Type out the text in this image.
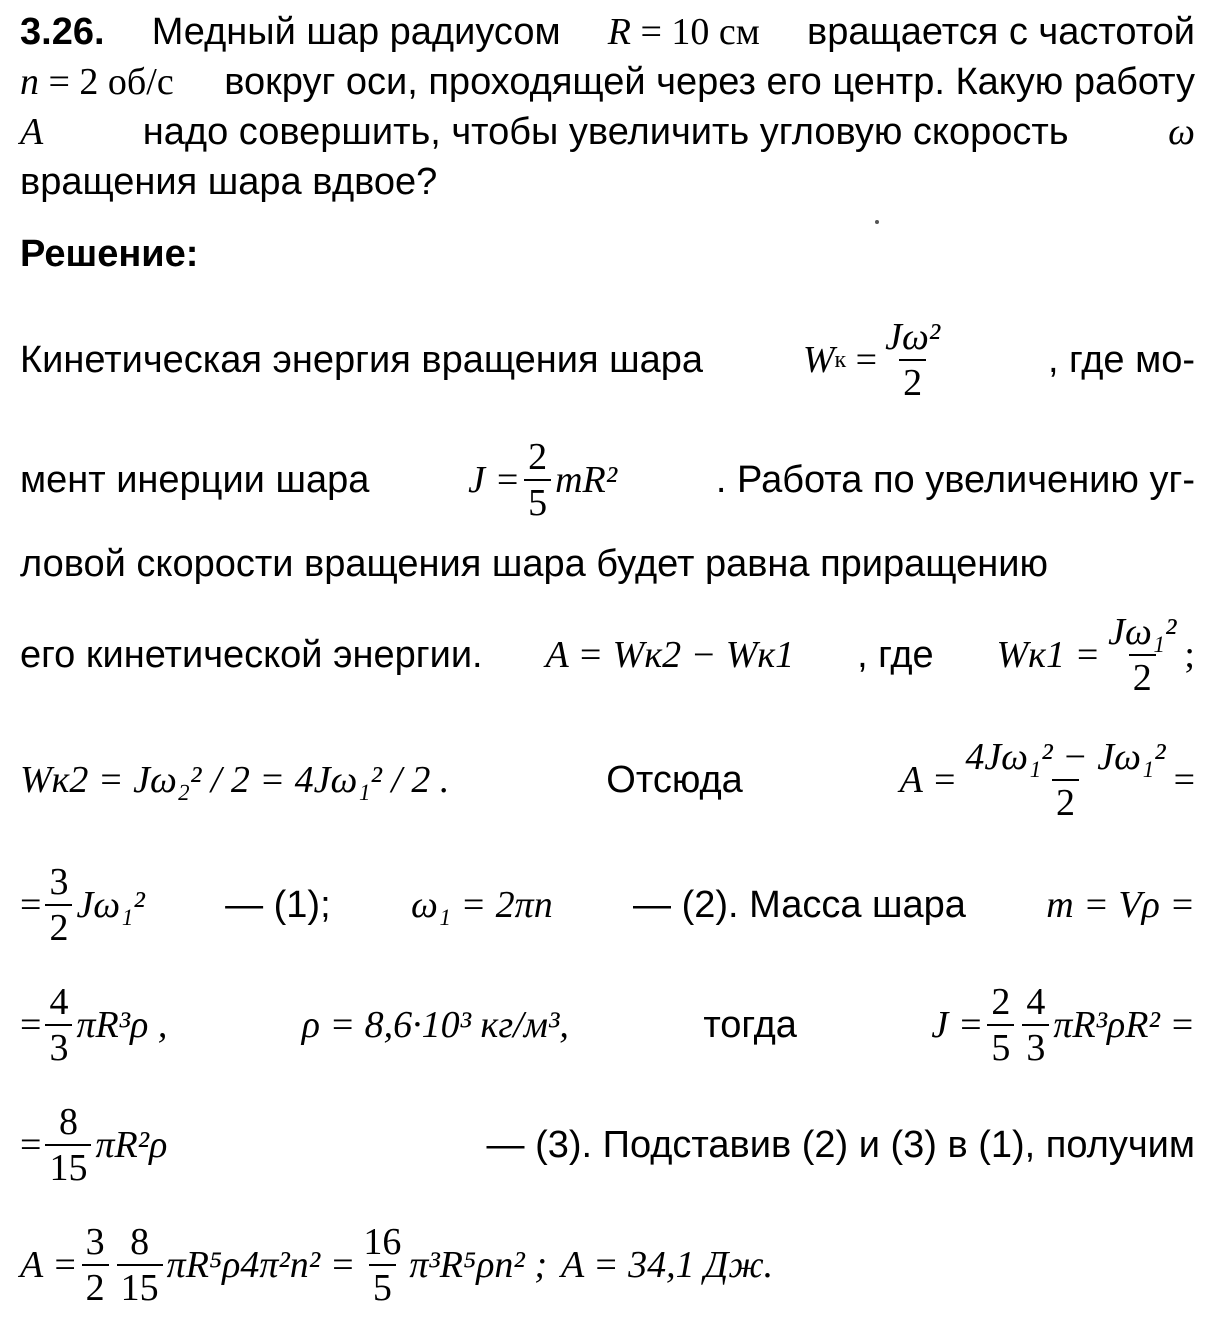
3.26. Медный шар радиусом R
= 10 см вращается с частотой
n
= 2 об/с вокруг оси, проходящей через его центр. Какую работу
A	надо совершить, чтобы увеличить угловую скорость	ω
вращения шара вдвое?
Решение:
Кинетическая энергия вращения шара	W к
= $\frac{\text{Jω²}}{2}$	, где мо-
мент инерции шара	$J = \frac{2}{5} mR^2$	. Работа по увеличению уг-
ловой скорости вращения шара будет равна приращению
его кинетической энергии. A = Wк2 − Wк1 , где $Wк1 = \frac{\text{Jω₁²}}{2}$ ;
Wк2 = Jω₂² / 2 = 4Jω₁² / 2 .	Отсюда	$A = \frac{\text{4Jω₁² − Jω₁²}}{2}$ =
= $\frac{3}{2} J\omega_1^2$ — (1); ω₁ = 2πn — (2). Масса шара m = Vρ =
= $\frac{4}{3} \pi R^3\rho$ ,	ρ = 8,6·10³ кг/м³,	тогда	$J = \frac{2}{5} \frac{4}{3} \pi R^3\rho R^2$ =
= $\frac{8}{15} \pi R^2\rho$	— (3). Подставив (2) и (3) в (1), получим
$A = \frac{3}{2} \frac{8}{15} \pi R^5\rho 4\pi^2n^2 = \frac{16}{5} \pi^3R^5\rho n^2$ ; A = 34,1 Дж.
